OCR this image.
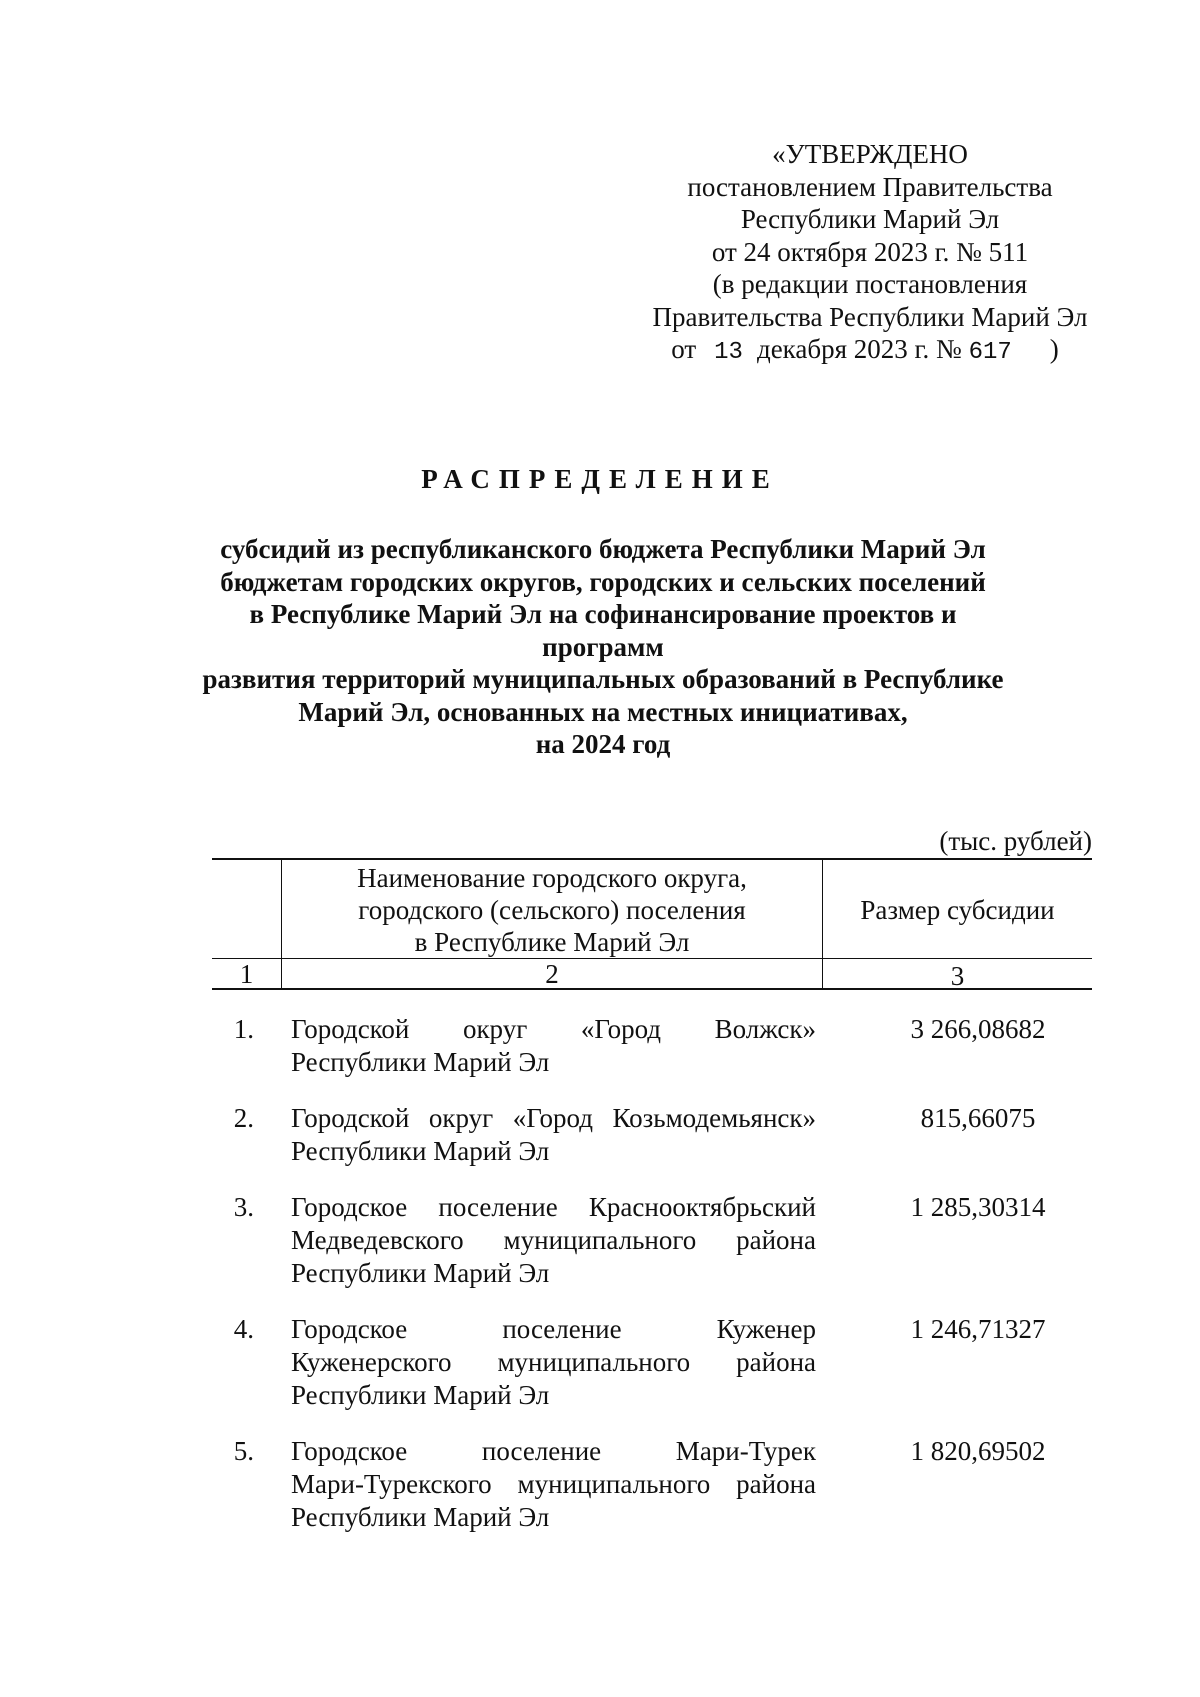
«УТВЕРЖДЕНО
постановлением Правительства
Республики Марий Эл
от 24 октября 2023 г. № 511
(в редакции постановления
Правительства Республики Марий Эл
от 13 декабря 2023 г. № 617 )
РАСПРЕДЕЛЕНИЕ
субсидий из республиканского бюджета Республики Марий Эл
бюджетам городских округов, городских и сельских поселений
в Республике Марий Эл на софинансирование проектов и программ
развития территорий муниципальных образований в Республике
Марий Эл, основанных на местных инициативах,
на 2024 год
(тыс. рублей)
Наименование городского округа,
городского (сельского) поселения
в Республике Марий Эл
Размер субсидии
1	2	3
1. Городской округ «Город Волжск»
Республики Марий Эл
3 266,08682
2. Городской округ «Город Козьмодемьянск»
Республики Марий Эл
815,66075
3. Городское поселение Краснооктябрьский
Медведевского муниципального района
Республики Марий Эл
1 285,30314
4. Городское поселение Куженер
Куженерского муниципального района
Республики Марий Эл
1 246,71327
5. Городское поселение Мари-Турек
Мари-Турекского муниципального района
Республики Марий Эл
1 820,69502
